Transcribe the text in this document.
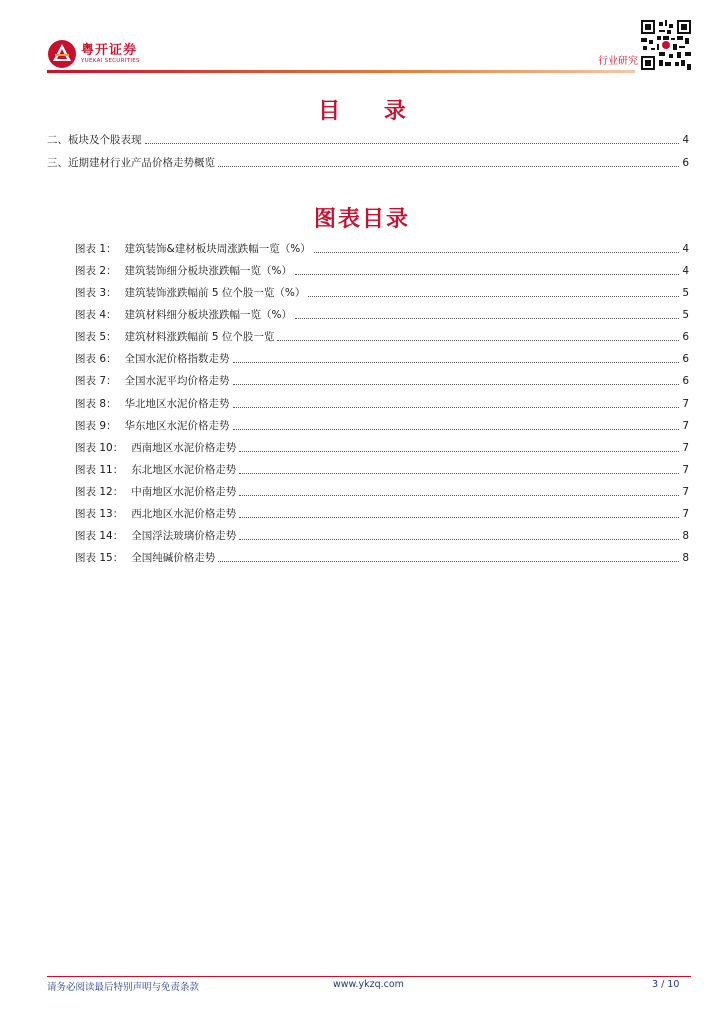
粤开证券
YUEKAI SECURITIES	行业研究
目 录
二、板块及个股表现	4
三、近期建材行业产品价格走势概览	6
图表目录
图表 1： 建筑装饰&建材板块周涨跌幅一览（%）	4
图表 2： 建筑装饰细分板块涨跌幅一览（%）	4
图表 3： 建筑装饰涨跌幅前 5 位个股一览（%）	5
图表 4： 建筑材料细分板块涨跌幅一览（%）	5
图表 5： 建筑材料涨跌幅前 5 位个股一览	6
图表 6： 全国水泥价格指数走势	6
图表 7： 全国水泥平均价格走势	6
图表 8： 华北地区水泥价格走势	7
图表 9： 华东地区水泥价格走势	7
图表 10： 西南地区水泥价格走势	7
图表 11： 东北地区水泥价格走势	7
图表 12： 中南地区水泥价格走势	7
图表 13： 西北地区水泥价格走势	7
图表 14： 全国浮法玻璃价格走势	8
图表 15： 全国纯碱价格走势	8
请务必阅读最后特别声明与免责条款	www.ykzq.com	3 / 10
